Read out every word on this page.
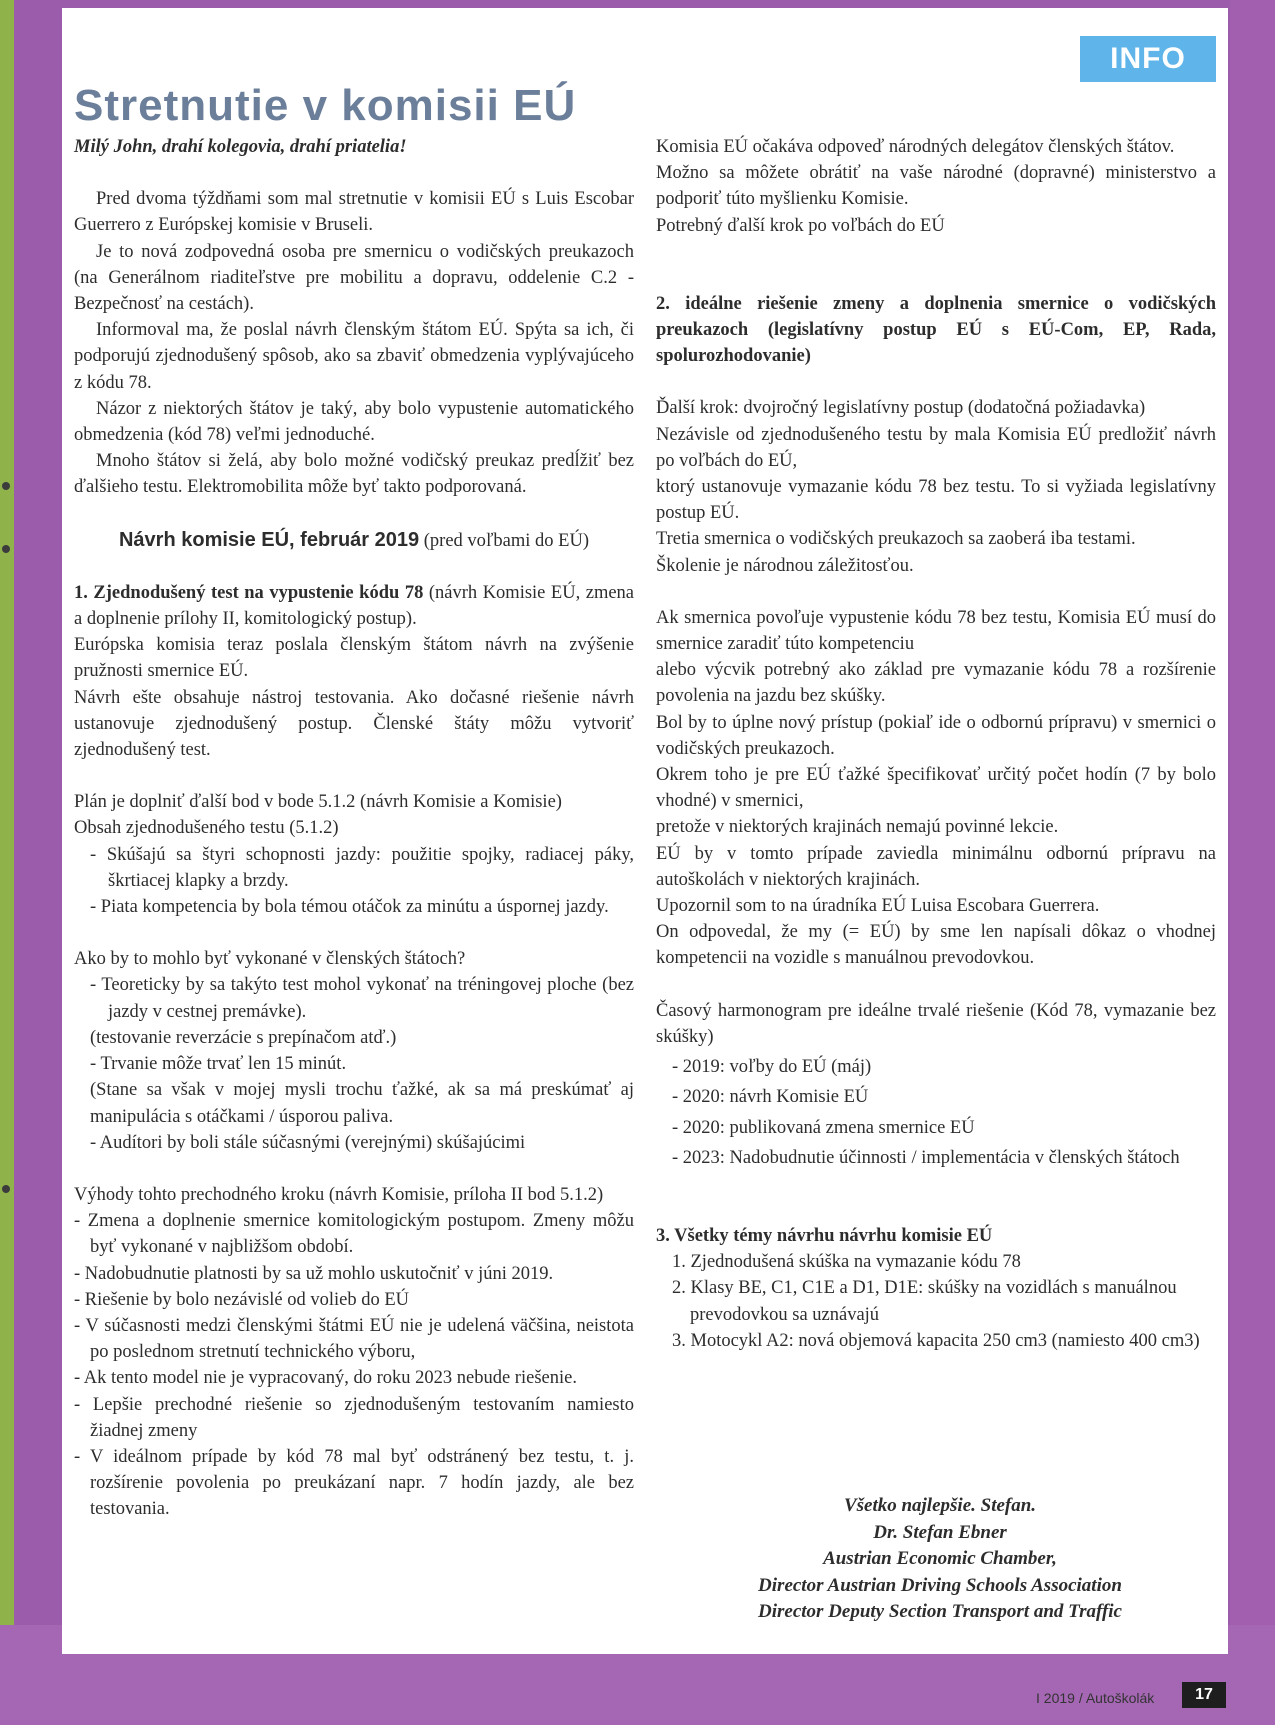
INFO
Stretnutie v komisii EÚ

Milý John, drahí kolegovia, drahí priatelia!

Pred dvoma týždňami som mal stretnutie v komisii EÚ s Luis Escobar Guerrero z Európskej komisie v Bruseli.

Je to nová zodpovedná osoba pre smernicu o vodičských preukazoch (na Generálnom riaditeľstve pre mobilitu a dopravu, oddelenie C.2 - Bezpečnosť na cestách).

Informoval ma, že poslal návrh členským štátom EÚ. Spýta sa ich, či podporujú zjednodušený spôsob, ako sa zbaviť obmedzenia vyplývajúceho z kódu 78.

Názor z niektorých štátov je taký, aby bolo vypustenie automatického obmedzenia (kód 78) veľmi jednoduché.

Mnoho štátov si želá, aby bolo možné vodičský preukaz predĺžiť bez ďalšieho testu. Elektromobilita môže byť takto podporovaná.

Návrh komisie EÚ, február 2019 (pred voľbami do EÚ)

1. Zjednodušený test na vypustenie kódu 78 (návrh Komisie EÚ, zmena a doplnenie prílohy II, komitologický postup).

Európska komisia teraz poslala členským štátom návrh na zvýšenie pružnosti smernice EÚ.

Návrh ešte obsahuje nástroj testovania. Ako dočasné riešenie návrh ustanovuje zjednodušený postup. Členské štáty môžu vytvoriť zjednodušený test.

Plán je doplniť ďalší bod v bode 5.1.2 (návrh Komisie a Komisie)

Obsah zjednodušeného testu (5.1.2)

- Skúšajú sa štyri schopnosti jazdy: použitie spojky, radiacej páky, škrtiacej klapky a brzdy.

- Piata kompetencia by bola témou otáčok za minútu a úspornej jazdy.

Ako by to mohlo byť vykonané v členských štátoch?

- Teoreticky by sa takýto test mohol vykonať na tréningovej ploche (bez jazdy v cestnej premávke).

(testovanie reverzácie s prepínačom atď.)

- Trvanie môže trvať len 15 minút.

(Stane sa však v mojej mysli trochu ťažké, ak sa má preskúmať aj manipulácia s otáčkami / úsporou paliva.

- Audítori by boli stále súčasnými (verejnými) skúšajúcimi

Výhody tohto prechodného kroku (návrh Komisie, príloha II bod 5.1.2)

- Zmena a doplnenie smernice komitologickým postupom. Zmeny môžu byť vykonané v najbližšom období.

- Nadobudnutie platnosti by sa už mohlo uskutočniť v júni 2019.

- Riešenie by bolo nezávislé od volieb do EÚ

- V súčasnosti medzi členskými štátmi EÚ nie je udelená väčšina, neistota po poslednom stretnutí technického výboru,

- Ak tento model nie je vypracovaný, do roku 2023 nebude riešenie.

- Lepšie prechodné riešenie so zjednodušeným testovaním namiesto žiadnej zmeny

- V ideálnom prípade by kód 78 mal byť odstránený bez testu, t. j. rozšírenie povolenia po preukázaní napr. 7 hodín jazdy, ale bez testovania.

Komisia EÚ očakáva odpoveď národných delegátov členských štátov.

Možno sa môžete obrátiť na vaše národné (dopravné) ministerstvo a podporiť túto myšlienku Komisie.

Potrebný ďalší krok po voľbách do EÚ

2. ideálne riešenie zmeny a doplnenia smernice o vodičských preukazoch (legislatívny postup EÚ s EÚ-Com, EP, Rada, spolurozhodovanie)

Ďalší krok: dvojročný legislatívny postup (dodatočná požiadavka)

Nezávisle od zjednodušeného testu by mala Komisia EÚ predložiť návrh po voľbách do EÚ,

ktorý ustanovuje vymazanie kódu 78 bez testu. To si vyžiada legislatívny postup EÚ.

Tretia smernica o vodičských preukazoch sa zaoberá iba testami.

Školenie je národnou záležitosťou.

Ak smernica povoľuje vypustenie kódu 78 bez testu, Komisia EÚ musí do smernice zaradiť túto kompetenciu

alebo výcvik potrebný ako základ pre vymazanie kódu 78 a rozšírenie povolenia na jazdu bez skúšky.

Bol by to úplne nový prístup (pokiaľ ide o odbornú prípravu) v smernici o vodičských preukazoch.

Okrem toho je pre EÚ ťažké špecifikovať určitý počet hodín (7 by bolo vhodné) v smernici,

pretože v niektorých krajinách nemajú povinné lekcie.

EÚ by v tomto prípade zaviedla minimálnu odbornú prípravu na autoškolách v niektorých krajinách.

Upozornil som to na úradníka EÚ Luisa Escobara Guerrera.

On odpovedal, že my (= EÚ) by sme len napísali dôkaz o vhodnej kompetencii na vozidle s manuálnou prevodovkou.

Časový harmonogram pre ideálne trvalé riešenie (Kód 78, vymazanie bez skúšky)

- 2019: voľby do EÚ (máj)

- 2020: návrh Komisie EÚ

- 2020: publikovaná zmena smernice EÚ

- 2023: Nadobudnutie účinnosti / implementácia v členských štátoch

3. Všetky témy návrhu návrhu komisie EÚ

1. Zjednodušená skúška na vymazanie kódu 78

2. Klasy BE, C1, C1E a D1, D1E: skúšky na vozidlách s manuálnou prevodovkou sa uznávajú

3. Motocykl A2: nová objemová kapacita 250 cm3 (namiesto 400 cm3)

Všetko najlepšie. Stefan.
Dr. Stefan Ebner
Austrian Economic Chamber,
Director Austrian Driving Schools Association
Director Deputy Section Transport and Traffic
I 2019 / Autoškolák	17
